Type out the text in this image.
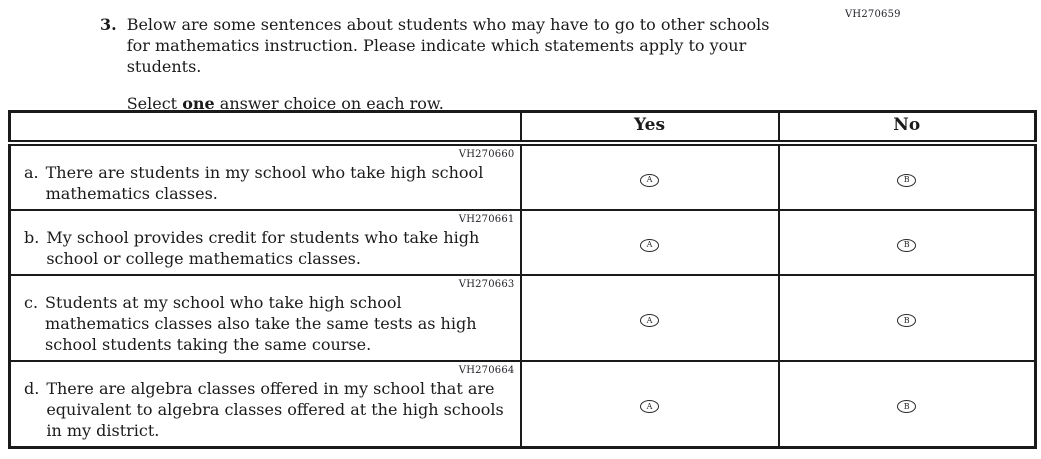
VH270659
3. Below are some sentences about students who may have to go to other schools for mathematics instruction. Please indicate which statements apply to your students.

Select one answer choice on each row.

	Yes	No

VH270660
a. There are students in my school who take high school mathematics classes.	A	B

VH270661
b. My school provides credit for students who take high school or college mathematics classes.	A	B

VH270663
c. Students at my school who take high school mathematics classes also take the same tests as high school students taking the same course.	A	B

VH270664
d. There are algebra classes offered in my school that are equivalent to algebra classes offered at the high schools in my district.	A	B
